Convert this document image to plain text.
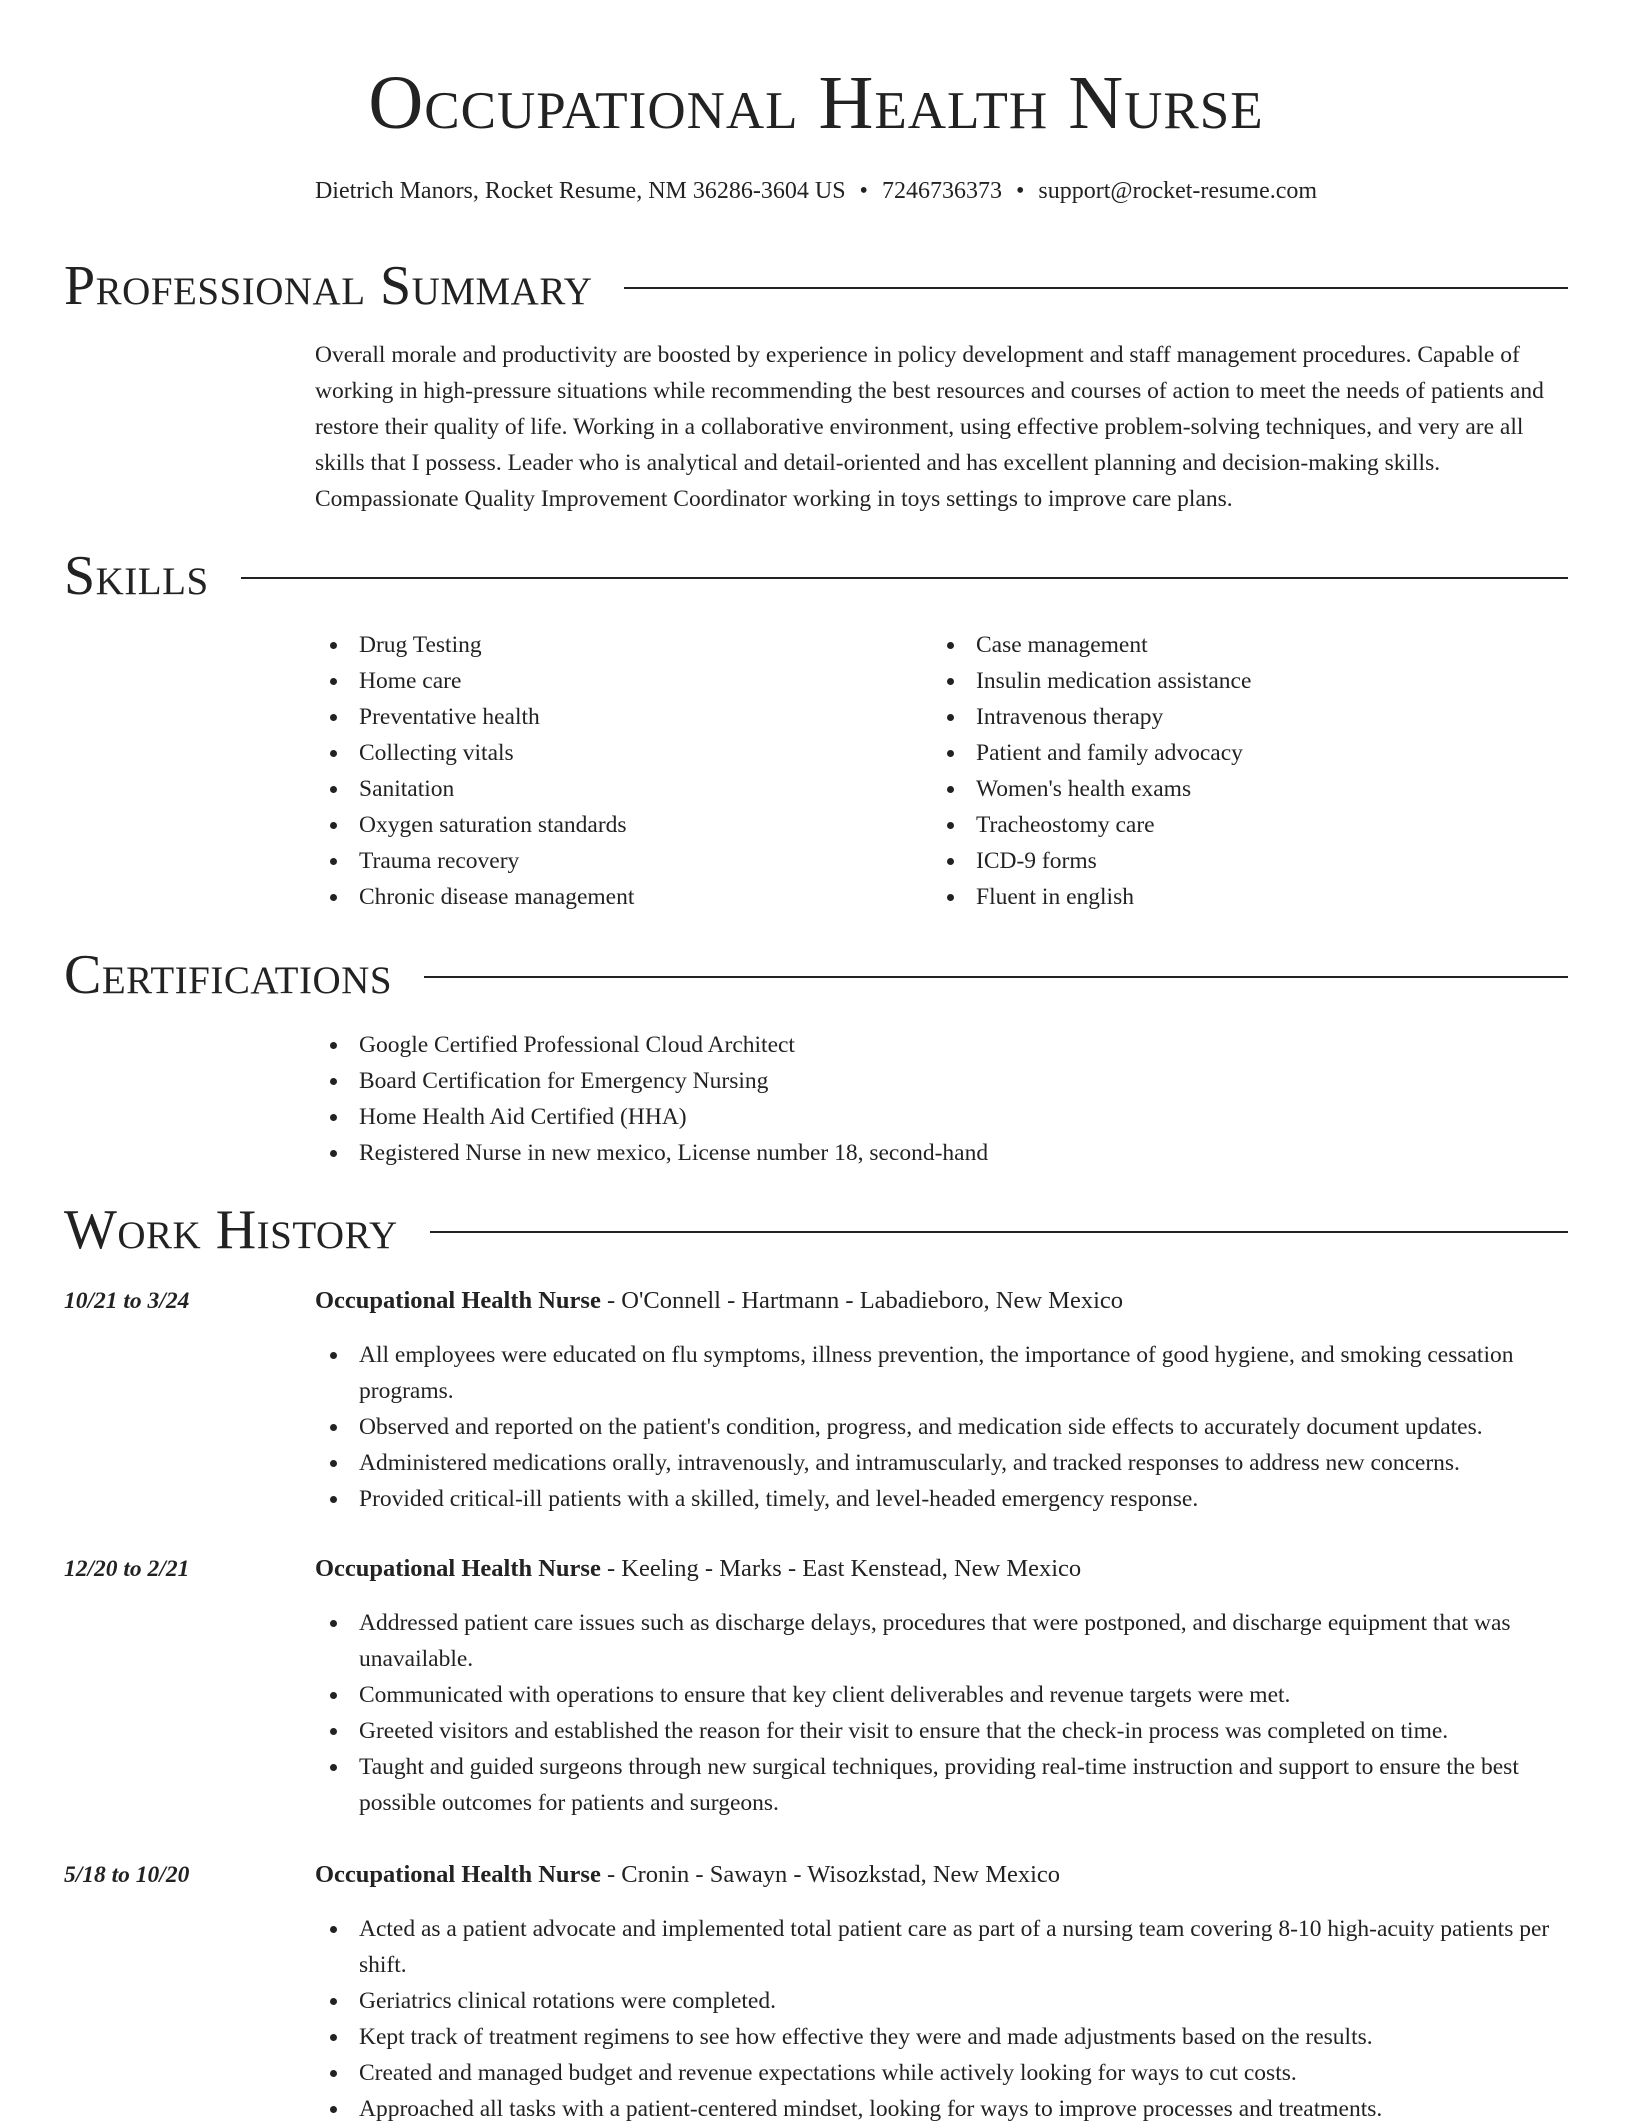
Occupational Health Nurse
Dietrich Manors, Rocket Resume, NM 36286-3604 US • 7246736373 • support@rocket-resume.com
Professional Summary

Overall morale and productivity are boosted by experience in policy development and staff management procedures. Capable of working in high-pressure situations while recommending the best resources and courses of action to meet the needs of patients and restore their quality of life. Working in a collaborative environment, using effective problem-solving techniques, and very are all skills that I possess. Leader who is analytical and detail-oriented and has excellent planning and decision-making skills. Compassionate Quality Improvement Coordinator working in toys settings to improve care plans.

Skills
Drug Testing
Home care
Preventative health
Collecting vitals
Sanitation
Oxygen saturation standards
Trauma recovery
Chronic disease management
Case management
Insulin medication assistance
Intravenous therapy
Patient and family advocacy
Women's health exams
Tracheostomy care
ICD-9 forms
Fluent in english
Certifications
Google Certified Professional Cloud Architect
Board Certification for Emergency Nursing
Home Health Aid Certified (HHA)
Registered Nurse in new mexico, License number 18, second-hand
Work History
10/21 to 3/24	Occupational Health Nurse - O'Connell - Hartmann - Labadieboro, New Mexico
All employees were educated on flu symptoms, illness prevention, the importance of good hygiene, and smoking cessation programs.
Observed and reported on the patient's condition, progress, and medication side effects to accurately document updates.
Administered medications orally, intravenously, and intramuscularly, and tracked responses to address new concerns.
Provided critical-ill patients with a skilled, timely, and level-headed emergency response.
12/20 to 2/21	Occupational Health Nurse - Keeling - Marks - East Kenstead, New Mexico
Addressed patient care issues such as discharge delays, procedures that were postponed, and discharge equipment that was unavailable.
Communicated with operations to ensure that key client deliverables and revenue targets were met.
Greeted visitors and established the reason for their visit to ensure that the check-in process was completed on time.
Taught and guided surgeons through new surgical techniques, providing real-time instruction and support to ensure the best possible outcomes for patients and surgeons.
5/18 to 10/20	Occupational Health Nurse - Cronin - Sawayn - Wisozkstad, New Mexico
Acted as a patient advocate and implemented total patient care as part of a nursing team covering 8-10 high-acuity patients per shift.
Geriatrics clinical rotations were completed.
Kept track of treatment regimens to see how effective they were and made adjustments based on the results.
Created and managed budget and revenue expectations while actively looking for ways to cut costs.
Approached all tasks with a patient-centered mindset, looking for ways to improve processes and treatments.
